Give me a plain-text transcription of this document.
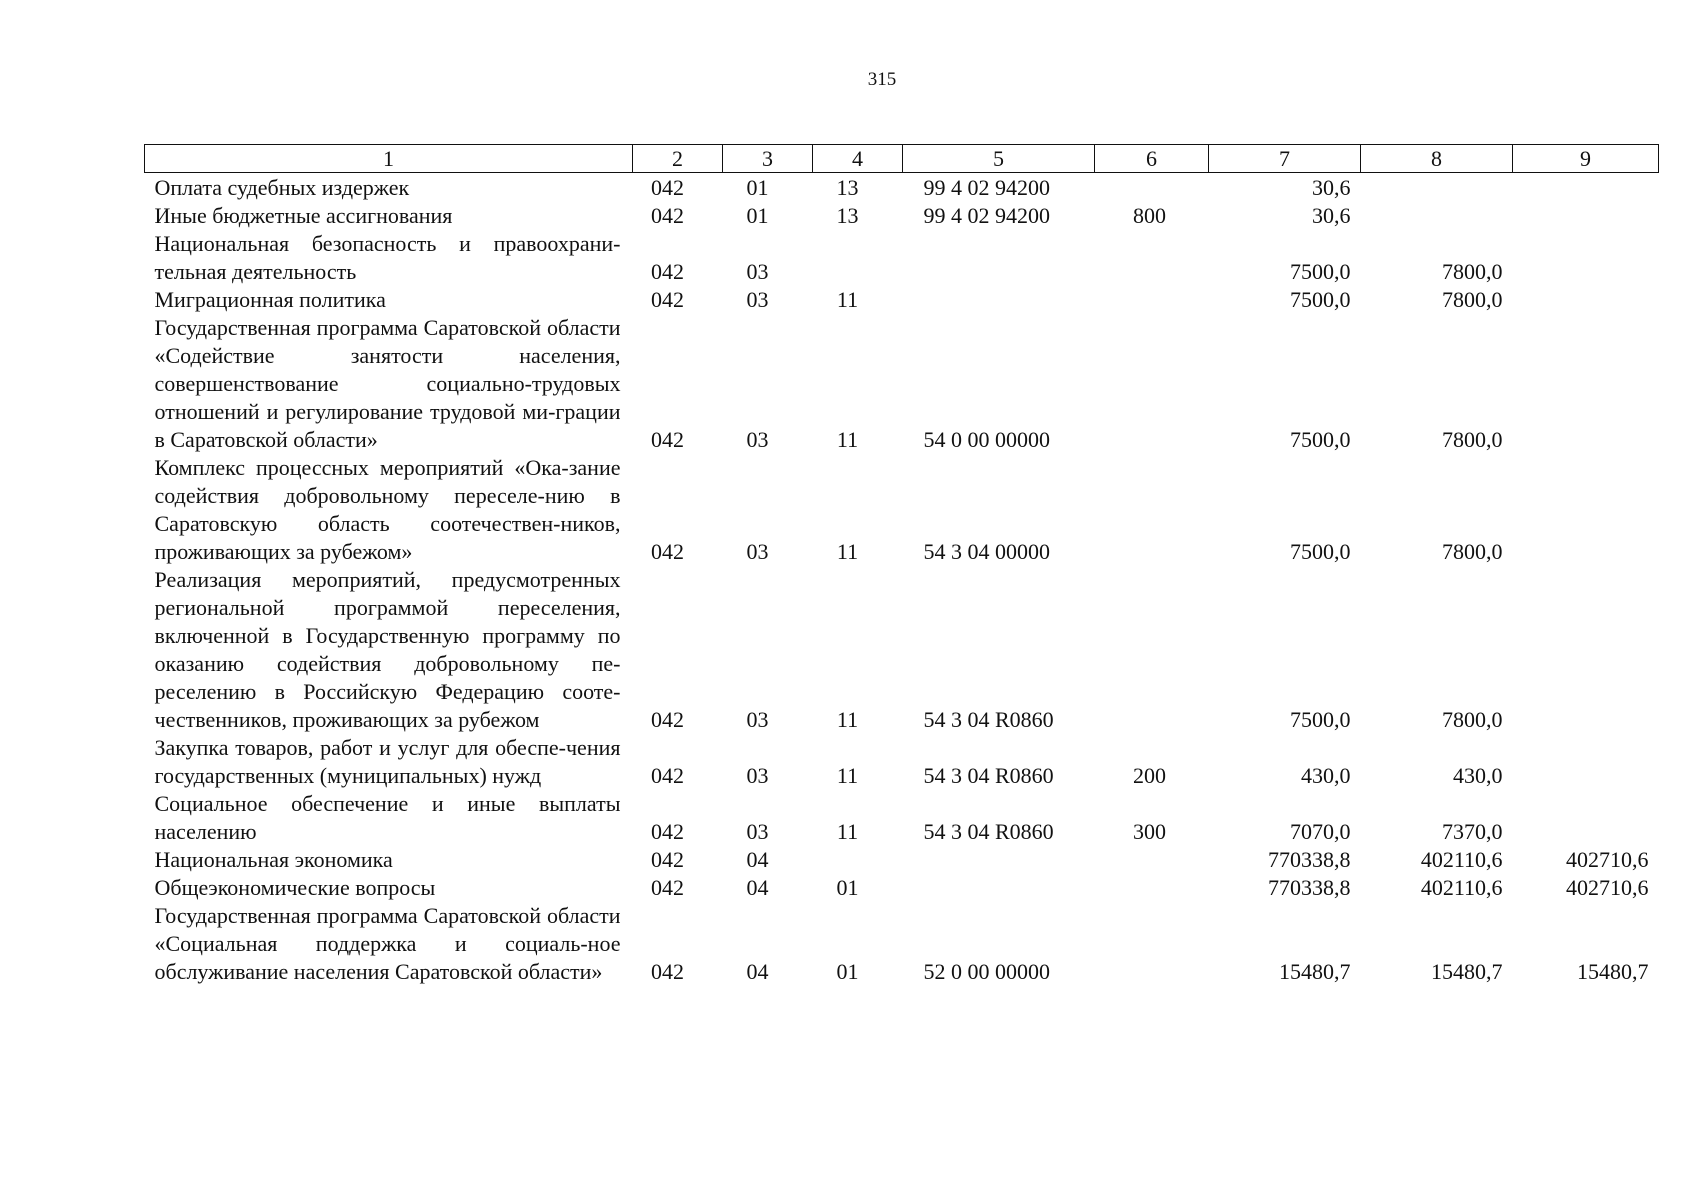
315
1	2	3	4	5	6	7	8	9
Оплата судебных издержек	042	01	13	99 4 02 94200		30,6		
Иные бюджетные ассигнования	042	01	13	99 4 02 94200	800	30,6		
Национальная безопасность и правоохрани-тельная деятельность	042	03				7500,0	7800,0	
Миграционная политика	042	03	11			7500,0	7800,0	
Государственная программа Саратовской области «Содействие занятости населения, совершенствование социально-трудовых отношений и регулирование трудовой ми-грации в Саратовской области»	042	03	11	54 0 00 00000		7500,0	7800,0	
Комплекс процессных мероприятий «Ока-зание содействия добровольному переселе-нию в Саратовскую область соотечествен-ников, проживающих за рубежом»	042	03	11	54 3 04 00000		7500,0	7800,0	
Реализация мероприятий, предусмотренных региональной программой переселения, включенной в Государственную программу по оказанию содействия добровольному пе-реселению в Российскую Федерацию сооте-чественников, проживающих за рубежом	042	03	11	54 3 04 R0860		7500,0	7800,0	
Закупка товаров, работ и услуг для обеспе-чения государственных (муниципальных) нужд	042	03	11	54 3 04 R0860	200	430,0	430,0	
Социальное обеспечение и иные выплаты населению	042	03	11	54 3 04 R0860	300	7070,0	7370,0	
Национальная экономика	042	04				770338,8	402110,6	402710,6
Общеэкономические вопросы	042	04	01			770338,8	402110,6	402710,6
Государственная программа Саратовской области «Социальная поддержка и социаль-ное обслуживание населения Саратовской области»	042	04	01	52 0 00 00000		15480,7	15480,7	15480,7
